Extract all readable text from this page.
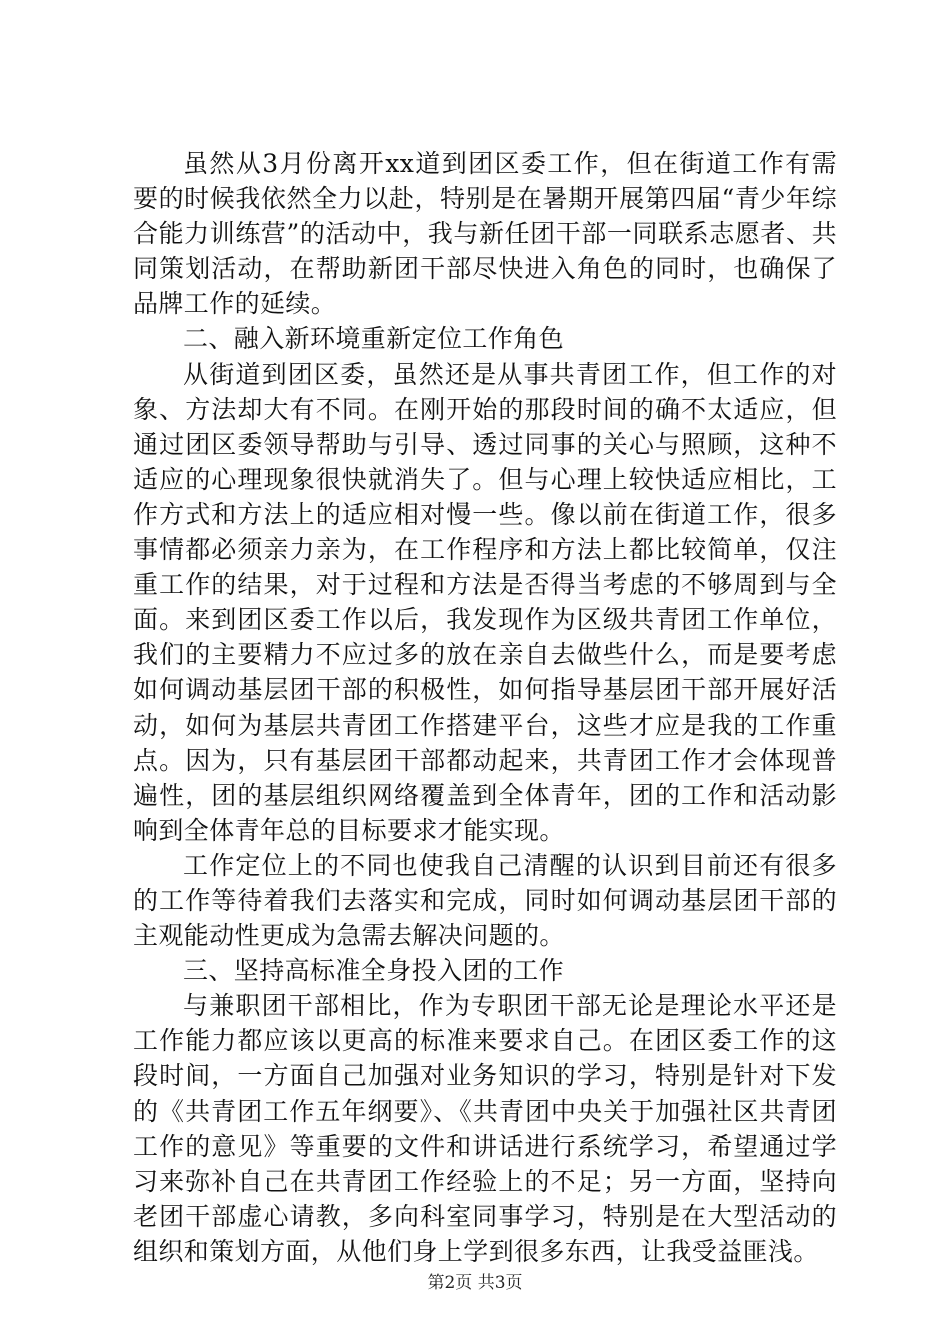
虽然从3月份离开xx道到团区委工作，但在街道工作有需要的时候我依然全力以赴，特别是在暑期开展第四届“青少年综合能力训练营”的活动中，我与新任团干部一同联系志愿者、共同策划活动，在帮助新团干部尽快进入角色的同时，也确保了品牌工作的延续。

二、融入新环境重新定位工作角色

从街道到团区委，虽然还是从事共青团工作，但工作的对象、方法却大有不同。在刚开始的那段时间的确不太适应，但通过团区委领导帮助与引导、透过同事的关心与照顾，这种不适应的心理现象很快就消失了。但与心理上较快适应相比，工作方式和方法上的适应相对慢一些。像以前在街道工作，很多事情都必须亲力亲为，在工作程序和方法上都比较简单，仅注重工作的结果，对于过程和方法是否得当考虑的不够周到与全面。来到团区委工作以后，我发现作为区级共青团工作单位，我们的主要精力不应过多的放在亲自去做些什么，而是要考虑如何调动基层团干部的积极性，如何指导基层团干部开展好活动，如何为基层共青团工作搭建平台，这些才应是我的工作重点。因为，只有基层团干部都动起来，共青团工作才会体现普遍性，团的基层组织网络覆盖到全体青年，团的工作和活动影响到全体青年总的目标要求才能实现。

工作定位上的不同也使我自己清醒的认识到目前还有很多的工作等待着我们去落实和完成，同时如何调动基层团干部的主观能动性更成为急需去解决问题的。

三、坚持高标准全身投入团的工作

与兼职团干部相比，作为专职团干部无论是理论水平还是工作能力都应该以更高的标准来要求自己。在团区委工作的这段时间，一方面自己加强对业务知识的学习，特别是针对下发的《共青团工作五年纲要》、《共青团中央关于加强社区共青团工作的意见》等重要的文件和讲话进行系统学习，希望通过学习来弥补自己在共青团工作经验上的不足；另一方面，坚持向老团干部虚心请教，多向科室同事学习，特别是在大型活动的组织和策划方面，从他们身上学到很多东西，让我受益匪浅。

第2页 共3页
